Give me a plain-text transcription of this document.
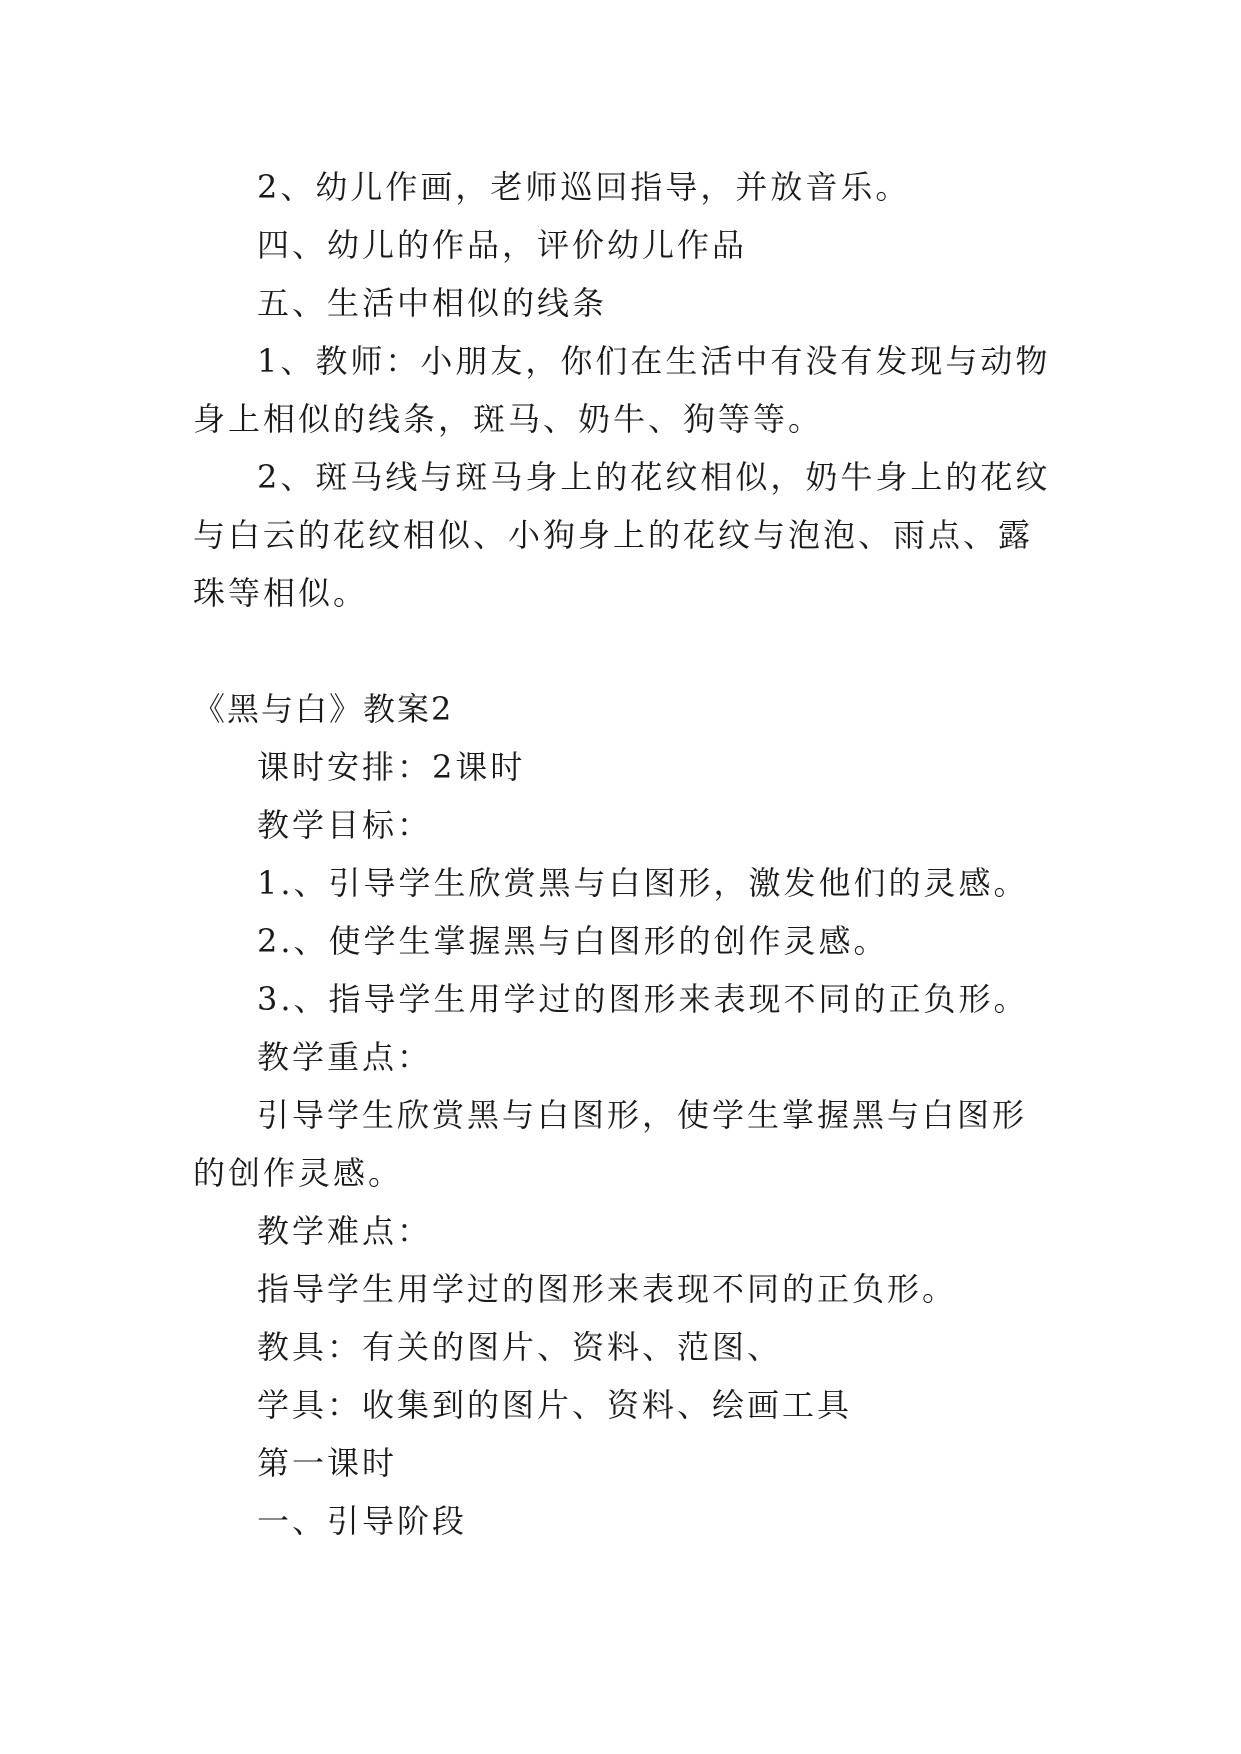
2、幼儿作画，老师巡回指导，并放音乐。

四、幼儿的作品，评价幼儿作品

五、生活中相似的线条

1、教师：小朋友，你们在生活中有没有发现与动物身上相似的线条，斑马、奶牛、狗等等。

2、斑马线与斑马身上的花纹相似，奶牛身上的花纹与白云的花纹相似、小狗身上的花纹与泡泡、雨点、露珠等相似。

《黑与白》教案2

课时安排：2课时

教学目标：

1.、引导学生欣赏黑与白图形，激发他们的灵感。

2.、使学生掌握黑与白图形的创作灵感。

3.、指导学生用学过的图形来表现不同的正负形。

教学重点：

引导学生欣赏黑与白图形，使学生掌握黑与白图形的创作灵感。

教学难点：

指导学生用学过的图形来表现不同的正负形。

教具：有关的图片、资料、范图、

学具：收集到的图片、资料、绘画工具

第一课时

一、引导阶段
